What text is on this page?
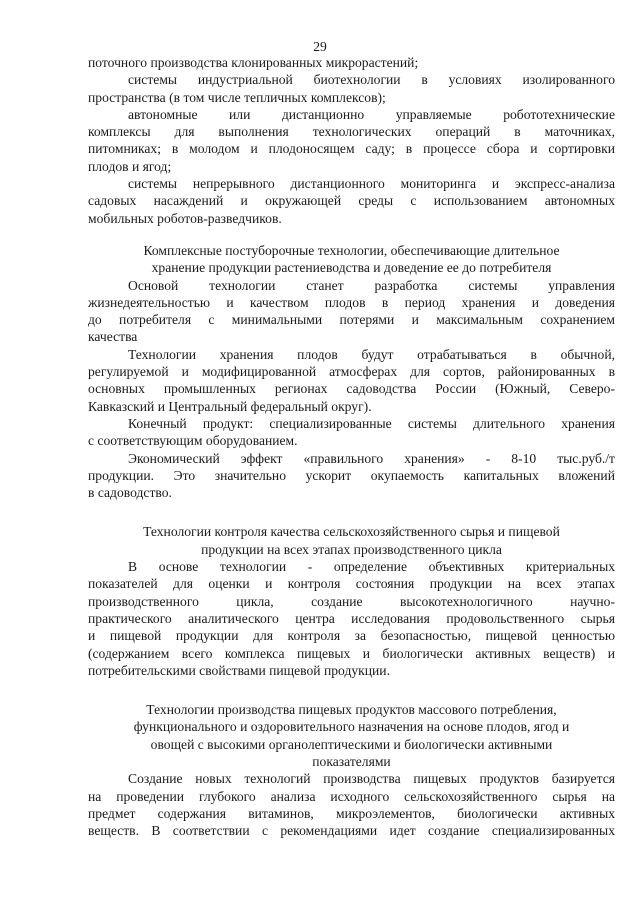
29

поточного производства клонированных микрорастений;

системы индустриальной биотехнологии в условиях изолированного

пространства (в том числе тепличных комплексов);

автономные или дистанционно управляемые робототехнические

комплексы для выполнения технологических операций в маточниках,

питомниках; в молодом и плодоносящем саду; в процессе сбора и сортировки

плодов и ягод;

системы непрерывного дистанционного мониторинга и экспресс-анализа

садовых насаждений и окружающей среды с использованием автономных

мобильных роботов-разведчиков.

Комплексные постуборочные технологии, обеспечивающие длительное

хранение продукции растениеводства и доведение ее до потребителя

Основой технологии станет разработка системы управления

жизнедеятельностью и качеством плодов в период хранения и доведения

до потребителя с минимальными потерями и максимальным сохранением

качества

Технологии хранения плодов будут отрабатываться в обычной,

регулируемой и модифицированной атмосферах для сортов, районированных в

основных промышленных регионах садоводства России (Южный, Северо-

Кавказский и Центральный федеральный округ).

Конечный продукт: специализированные системы длительного хранения

с соответствующим оборудованием.

Экономический эффект «правильного хранения» - 8-10 тыс.руб./т

продукции. Это значительно ускорит окупаемость капитальных вложений

в садоводство.

Технологии контроля качества сельскохозяйственного сырья и пищевой

продукции на всех этапах производственного цикла

В основе технологии - определение объективных критериальных

показателей для оценки и контроля состояния продукции на всех этапах

производственного цикла, создание высокотехнологичного научно-

практического аналитического центра исследования продовольственного сырья

и пищевой продукции для контроля за безопасностью, пищевой ценностью

(содержанием всего комплекса пищевых и биологически активных веществ) и

потребительскими свойствами пищевой продукции.

Технологии производства пищевых продуктов массового потребления,

функционального и оздоровительного назначения на основе плодов, ягод и

овощей с высокими органолептическими и биологически активными

показателями

Создание новых технологий производства пищевых продуктов базируется

на проведении глубокого анализа исходного сельскохозяйственного сырья на

предмет содержания витаминов, микроэлементов, биологически активных

веществ. В соответствии с рекомендациями идет создание специализированных
